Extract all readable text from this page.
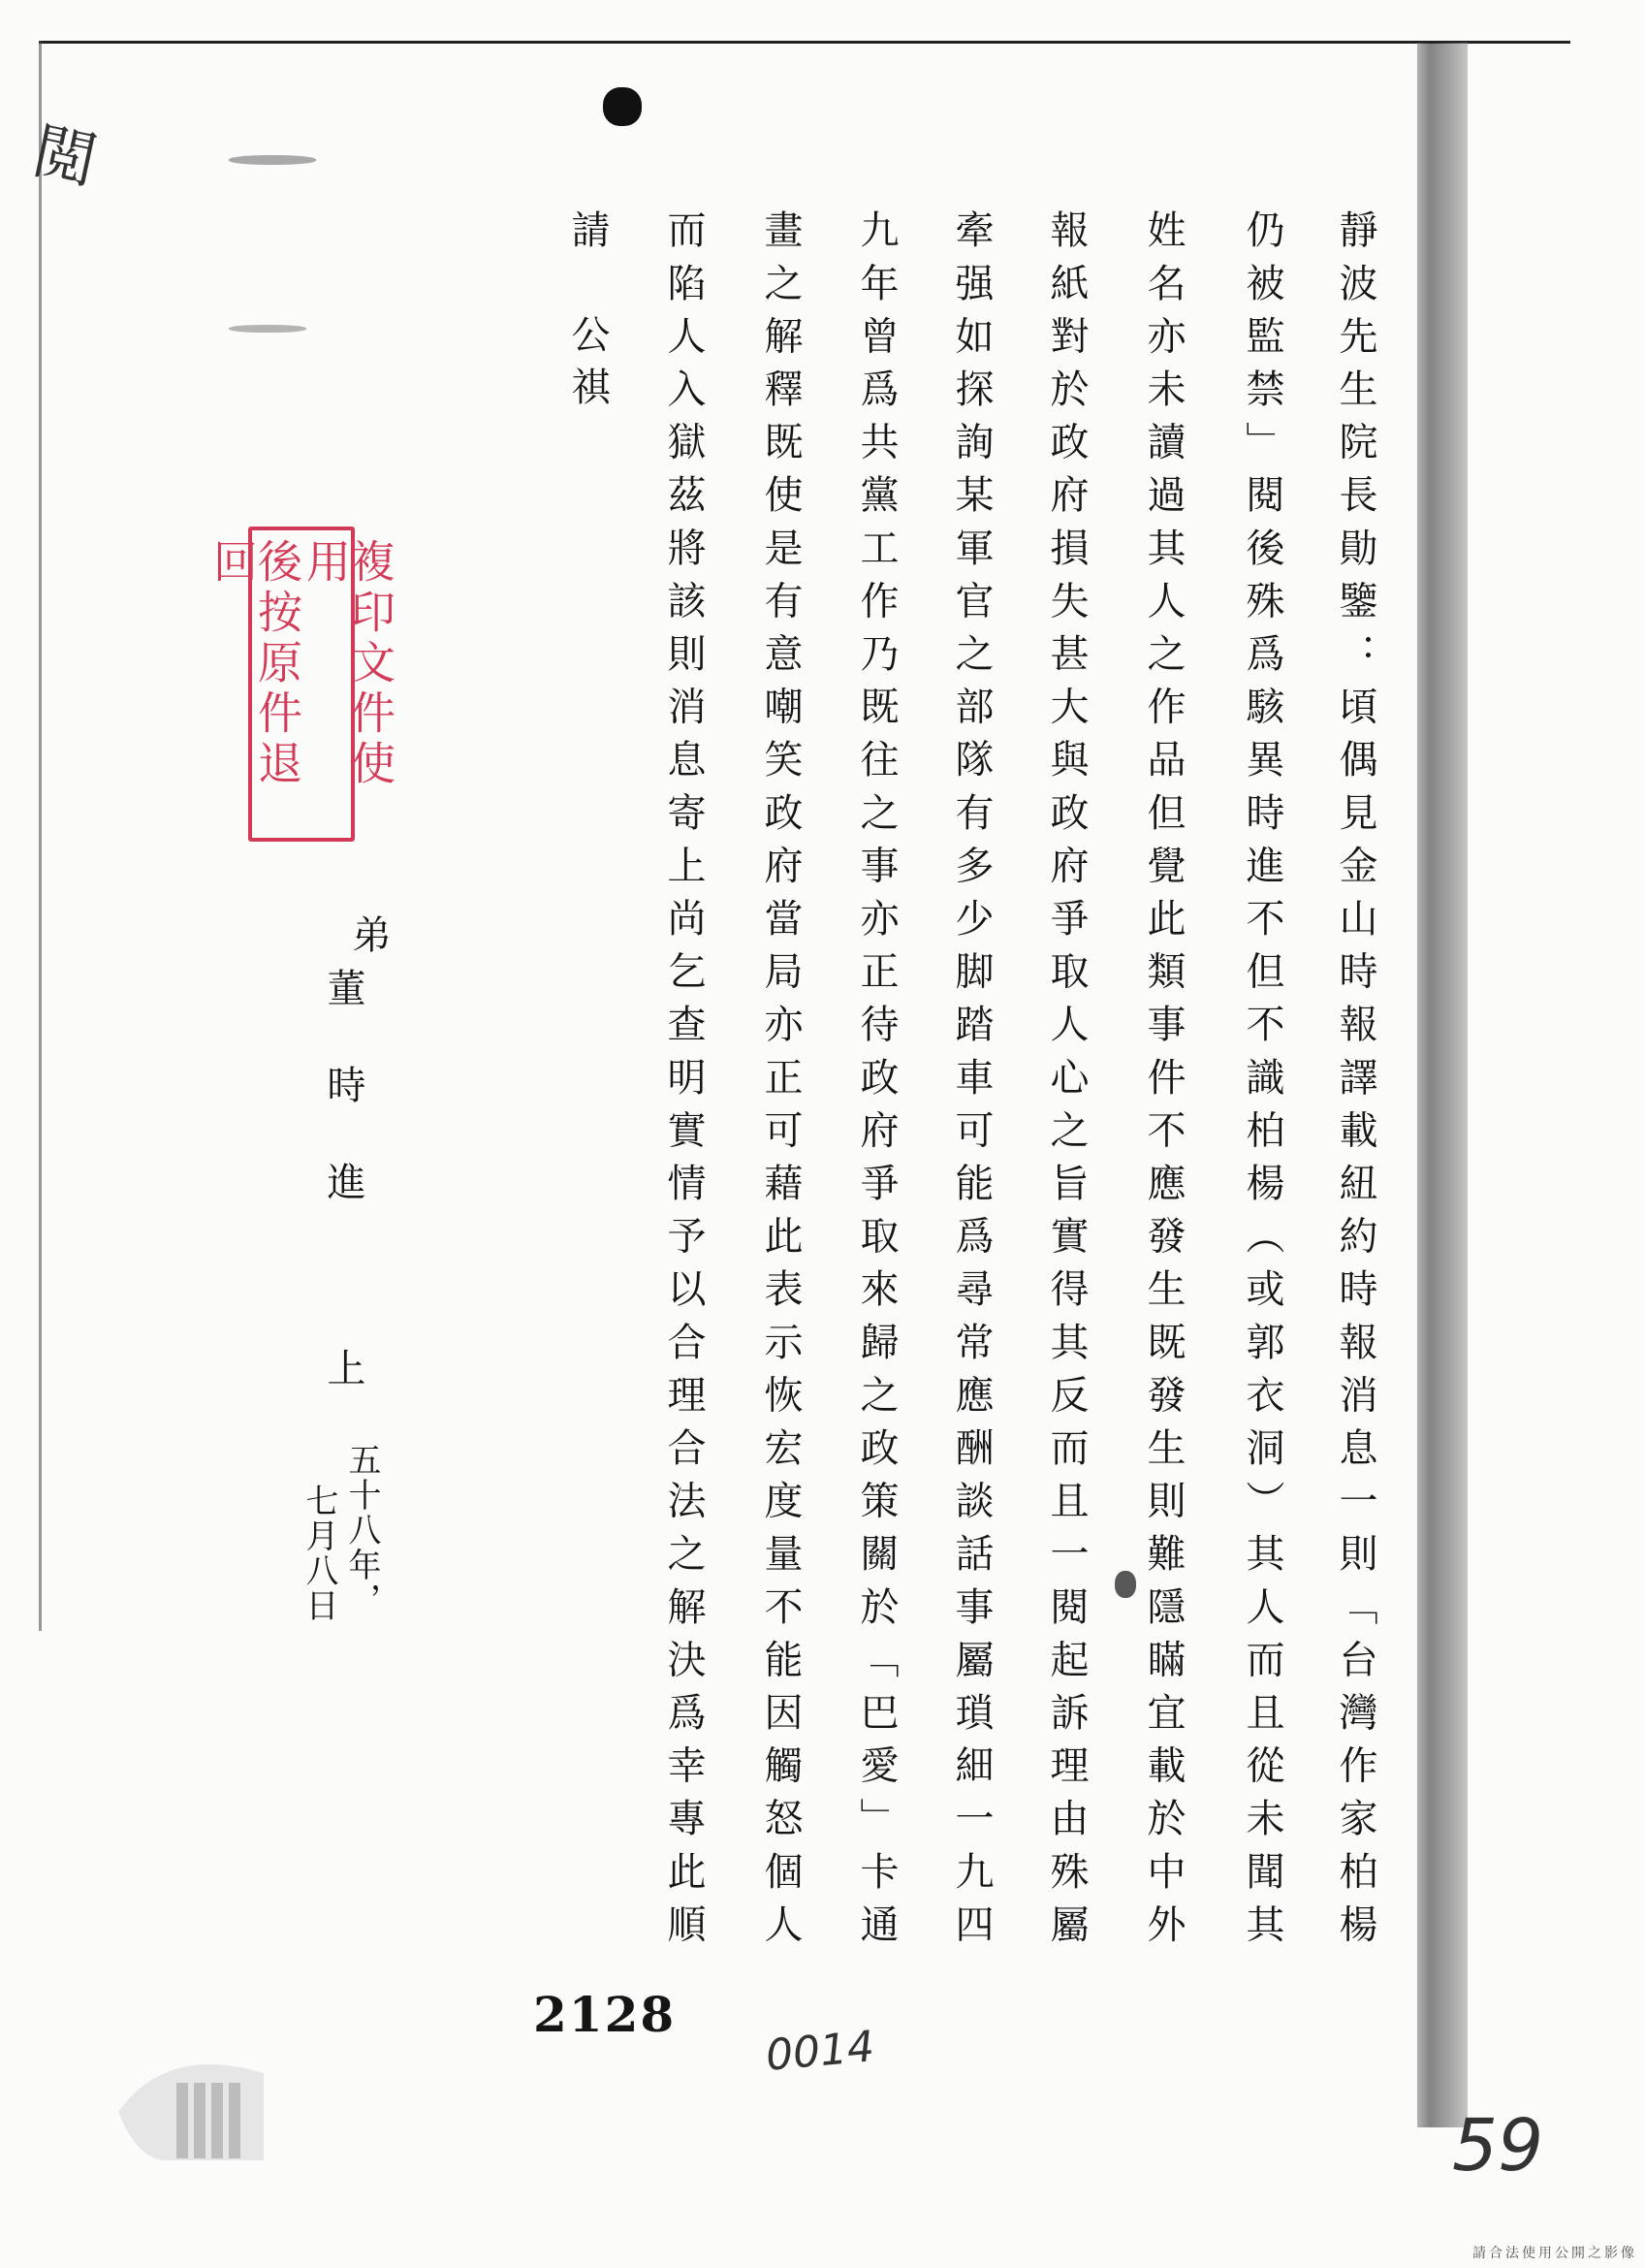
閲
靜波先生院長勛鑒：頃偶見金山時報譯載紐約時報消息一則「台灣作家柏楊
仍被監禁」閱後殊爲駭異時進不但不識柏楊（或郭衣洞）其人而且從未聞其
姓名亦未讀過其人之作品但覺此類事件不應發生既發生則難隱瞞宜載於中外
報紙對於政府損失甚大與政府爭取人心之旨實得其反而且一閱起訴理由殊屬
牽强如探詢某軍官之部隊有多少脚踏車可能爲尋常應酬談話事屬瑣細一九四
九年曾爲共黨工作乃既往之事亦正待政府爭取來歸之政策關於「巴愛」卡通
畫之解釋既使是有意嘲笑政府當局亦正可藉此表示恢宏度量不能因觸怒個人
而陷人入獄茲將該則消息寄上尚乞查明實情予以合理合法之解決爲幸專此順
請　公祺
複印文件使用
後按原件退回
弟
董時進
上
五十八年，
七月八日
2128
0014
59
請合法使用公開之影像
